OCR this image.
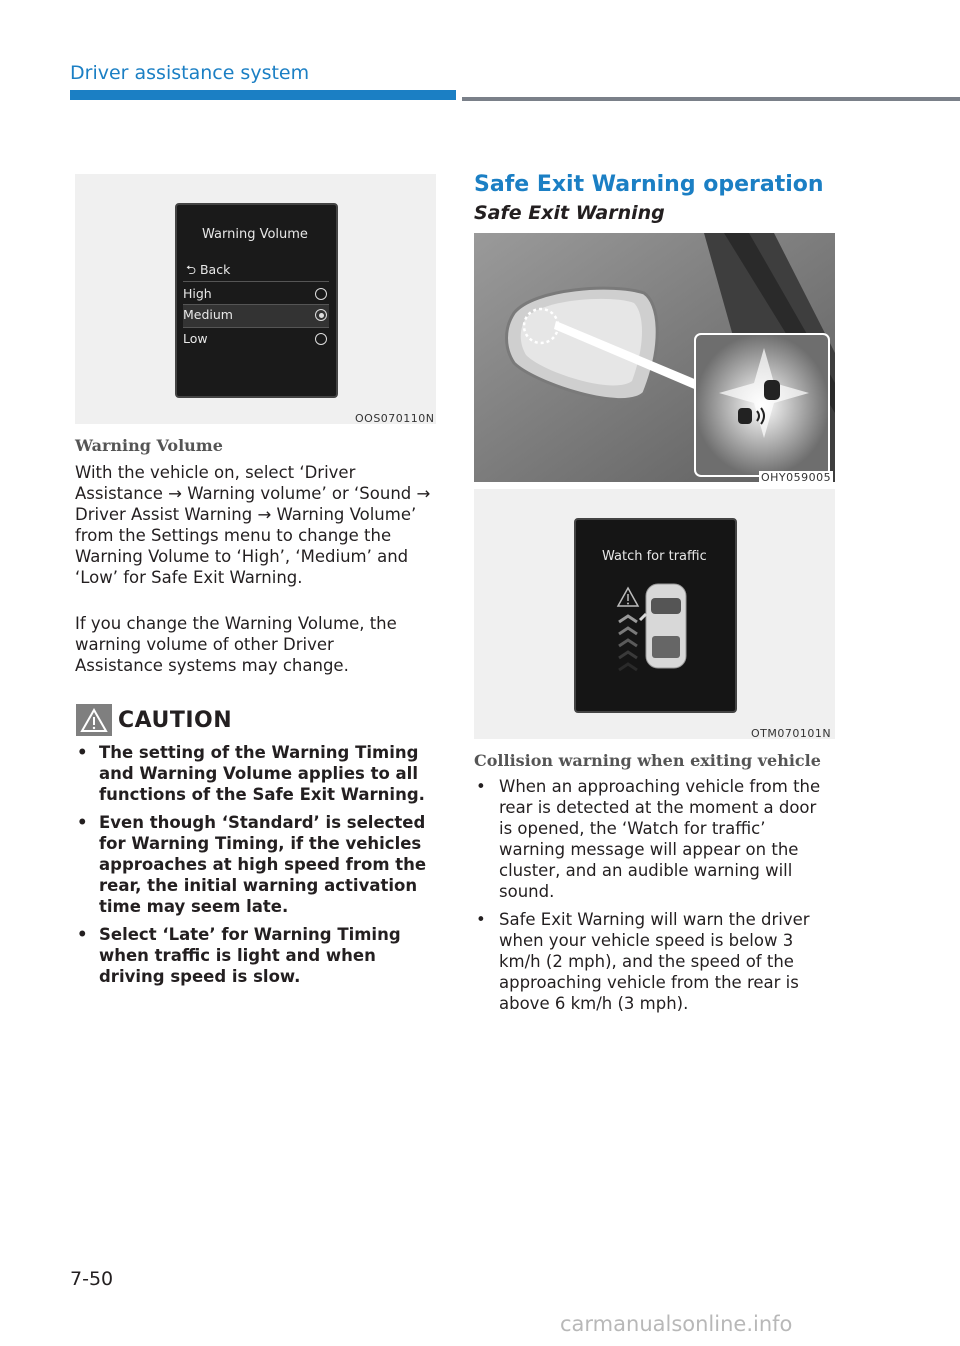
Driver assistance system
Warning Volume
⮌ Back
High
Medium
Low
OOS070110N
Warning Volume
With the vehicle on, select ‘Driver Assistance → Warning volume’ or ‘Sound → Driver Assist Warning → Warning Volume’ from the Settings menu to change the Warning Volume to ‘High’, ‘Medium’ and ‘Low’ for Safe Exit Warning.
If you change the Warning Volume, the warning volume of other Driver Assistance systems may change.
CAUTION
• The setting of the Warning Timing and Warning Volume applies to all functions of the Safe Exit Warning.
• Even though ‘Standard’ is selected for Warning Timing, if the vehicles approaches at high speed from the rear, the initial warning activation time may seem late.
• Select ‘Late’ for Warning Timing when traffic is light and when driving speed is slow.
Safe Exit Warning operation
Safe Exit Warning
OHY059005
Watch for traffic
OTM070101N
Collision warning when exiting vehicle
• When an approaching vehicle from the rear is detected at the moment a door is opened, the ‘Watch for traffic’ warning message will appear on the cluster, and an audible warning will sound.
• Safe Exit Warning will warn the driver when your vehicle speed is below 3 km/h (2 mph), and the speed of the approaching vehicle from the rear is above 6 km/h (3 mph).
7-50
carmanualsonline.info
